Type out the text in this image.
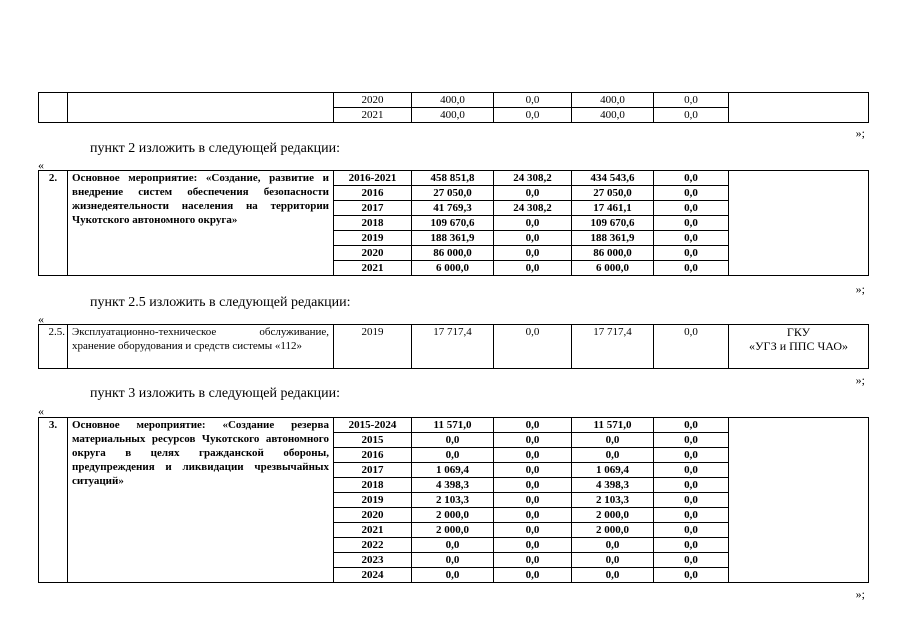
		2020	400,0	0,0	400,0	0,0	
		2021	400,0	0,0	400,0	0,0	
»;
пункт 2 изложить в следующей редакции:
«
2.	Основное мероприятие: «Создание, развитие и внедрение систем обеспечения безопасности жизнедеятельности населения на территории Чукотского автономного округа»	2016-2021	458 851,8	24 308,2	434 543,6	0,0	
		2016	27 050,0	0,0	27 050,0	0,0	
		2017	41 769,3	24 308,2	17 461,1	0,0	
		2018	109 670,6	0,0	109 670,6	0,0	
		2019	188 361,9	0,0	188 361,9	0,0	
		2020	86 000,0	0,0	86 000,0	0,0	
		2021	6 000,0	0,0	6 000,0	0,0	
»;
пункт 2.5 изложить в следующей редакции:
«
2.5.	Эксплуатационно-техническое обслуживание, хранение оборудования и средств системы «112»	2019	17 717,4	0,0	17 717,4	0,0	ГКУ
«УГЗ и ППС ЧАО»
»;
пункт 3 изложить в следующей редакции:
«
3.	Основное мероприятие: «Создание резерва материальных ресурсов Чукотского автономного округа в целях гражданской обороны, предупреждения и ликвидации чрезвычайных ситуаций»	2015-2024	11 571,0	0,0	11 571,0	0,0	
		2015	0,0	0,0	0,0	0,0	
		2016	0,0	0,0	0,0	0,0	
		2017	1 069,4	0,0	1 069,4	0,0	
		2018	4 398,3	0,0	4 398,3	0,0	
		2019	2 103,3	0,0	2 103,3	0,0	
		2020	2 000,0	0,0	2 000,0	0,0	
		2021	2 000,0	0,0	2 000,0	0,0	
		2022	0,0	0,0	0,0	0,0	
		2023	0,0	0,0	0,0	0,0	
		2024	0,0	0,0	0,0	0,0	
»;
